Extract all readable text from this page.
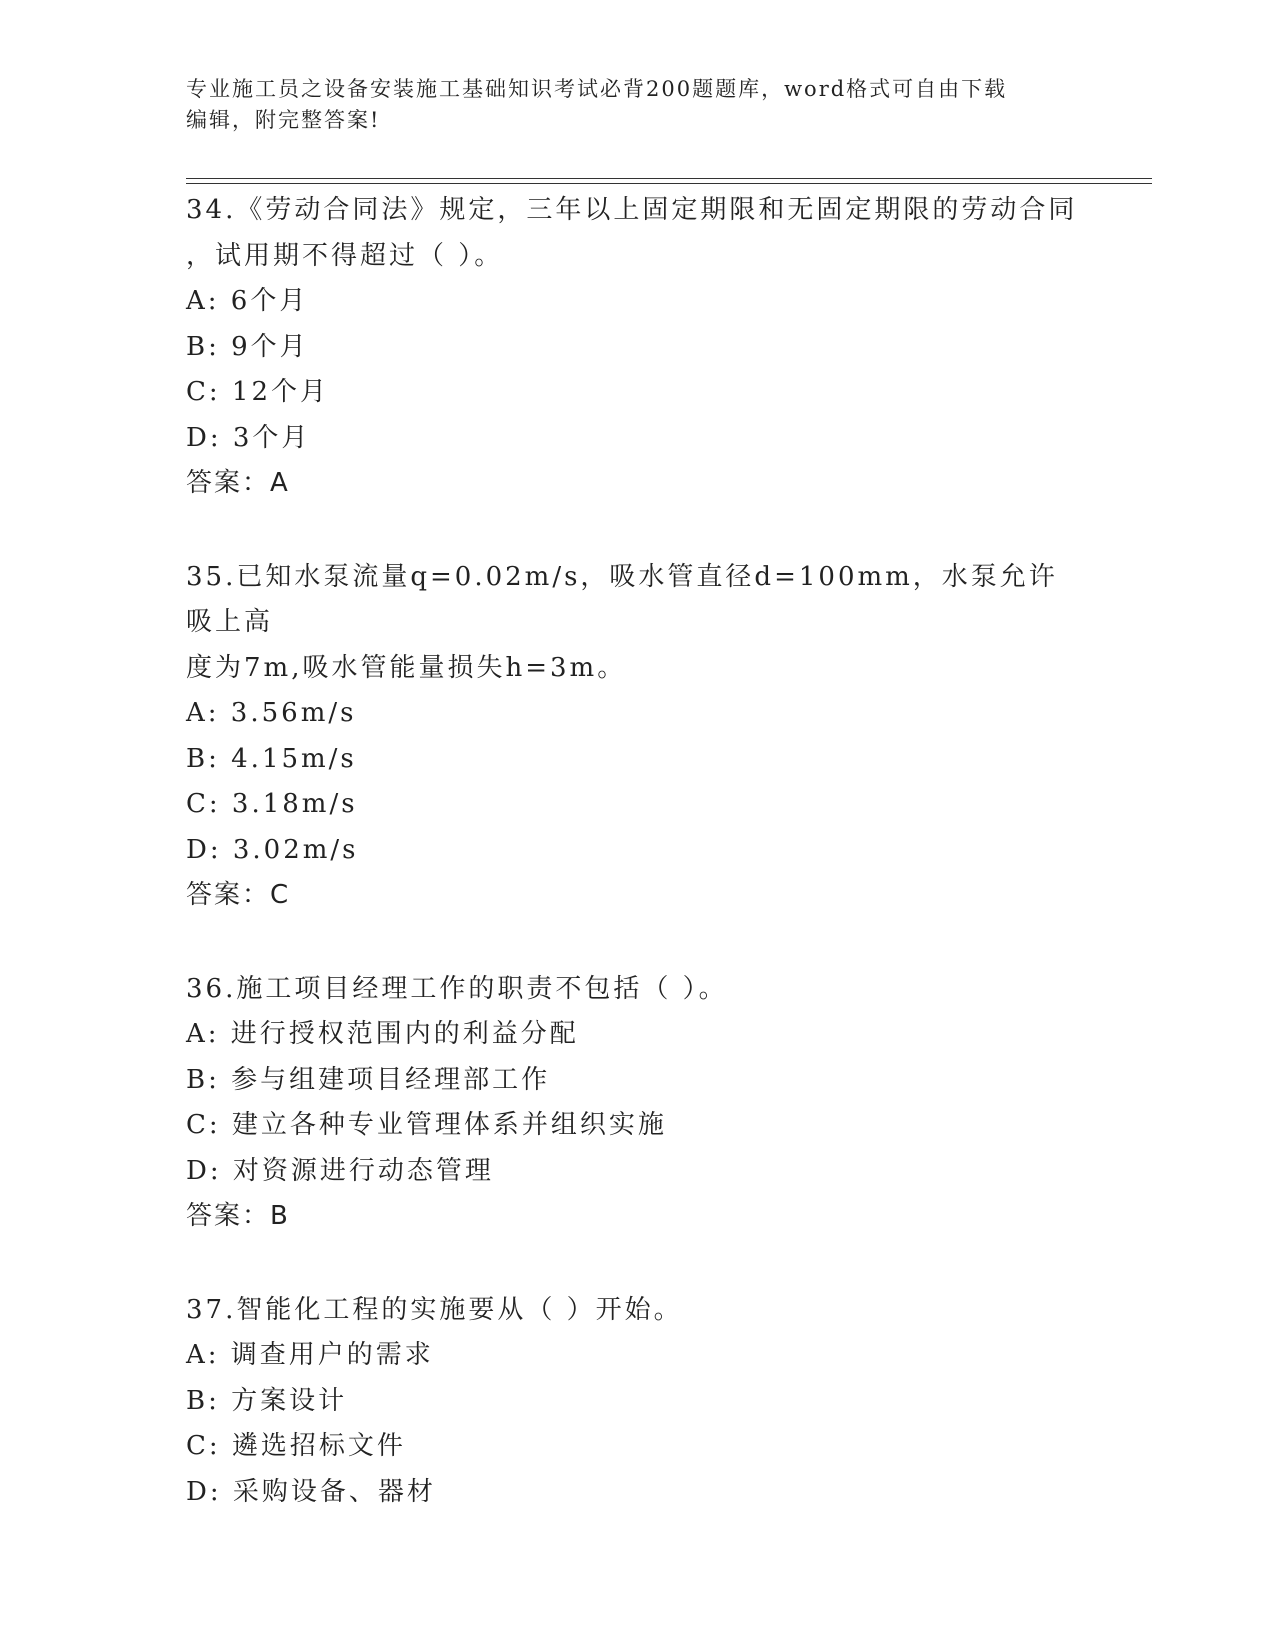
专业施工员之设备安装施工基础知识考试必背200题题库，word格式可自由下载
编辑，附完整答案!
34.《劳动合同法》规定，三年以上固定期限和无固定期限的劳动合同
，试用期不得超过（ ）。
A: 6个月
B: 9个月
C: 12个月
D: 3个月
答案：A
35.已知水泵流量q=0.02m/s，吸水管直径d=100mm，水泵允许吸上高
度为7m,吸水管能量损失h=3m。
A: 3.56m/s
B: 4.15m/s
C: 3.18m/s
D: 3.02m/s
答案：C
36.施工项目经理工作的职责不包括（ ）。
A: 进行授权范围内的利益分配
B: 参与组建项目经理部工作
C: 建立各种专业管理体系并组织实施
D: 对资源进行动态管理
答案：B
37.智能化工程的实施要从（ ）开始。
A: 调查用户的需求
B: 方案设计
C: 遴选招标文件
D: 采购设备、器材
